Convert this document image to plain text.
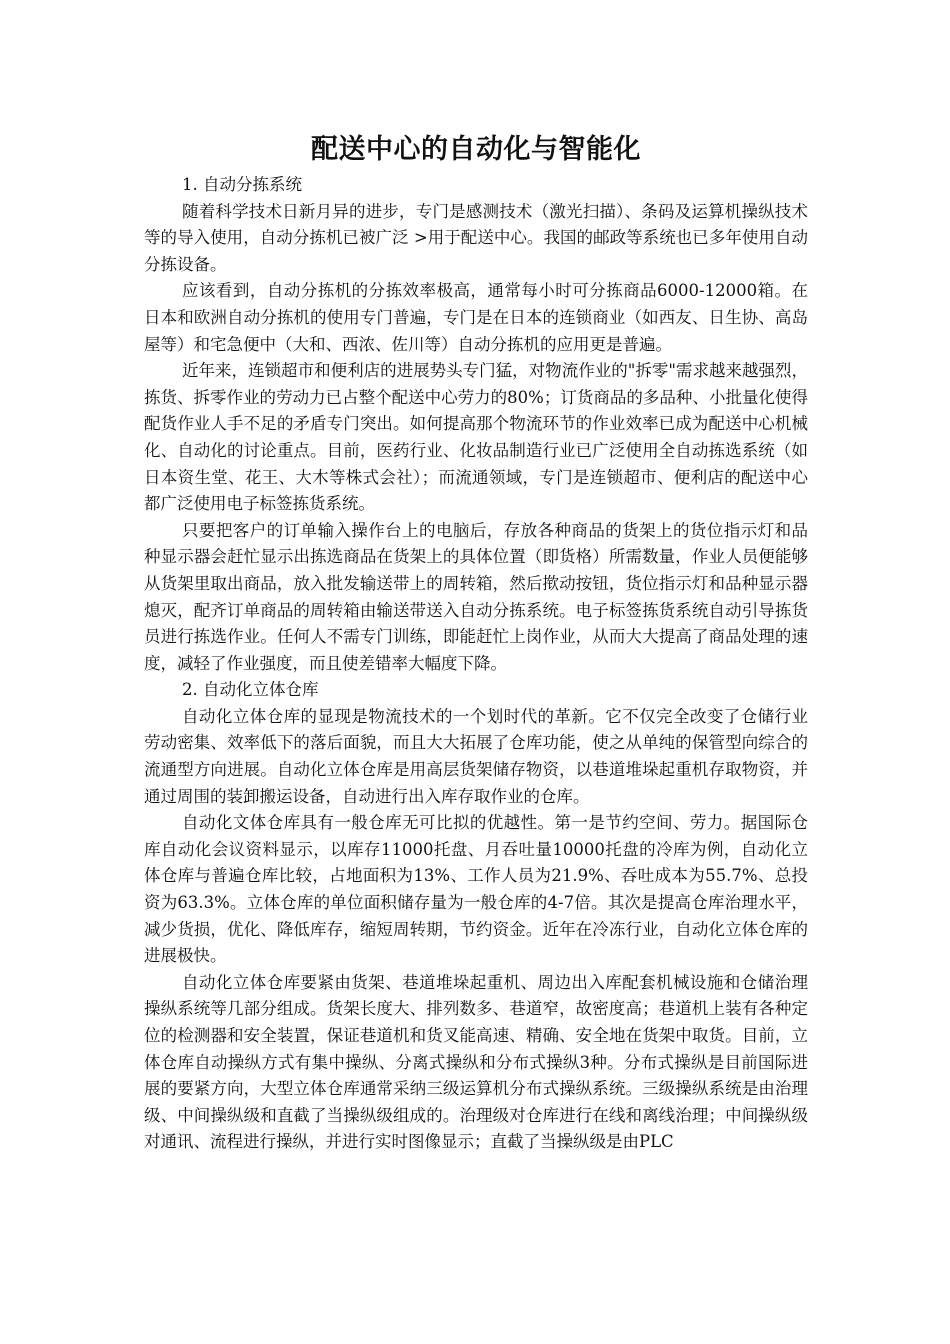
配送中心的自动化与智能化

1. 自动分拣系统

随着科学技术日新月异的进步，专门是感测技术（激光扫描）、条码及运算机操纵技术等的导入使用，自动分拣机已被广泛 >用于配送中心。我国的邮政等系统也已多年使用自动分拣设备。

应该看到，自动分拣机的分拣效率极高，通常每小时可分拣商品6000-12000箱。在日本和欧洲自动分拣机的使用专门普遍，专门是在日本的连锁商业（如西友、日生协、高岛屋等）和宅急便中（大和、西浓、佐川等）自动分拣机的应用更是普遍。

近年来，连锁超市和便利店的进展势头专门猛，对物流作业的"拆零"需求越来越强烈，拣货、拆零作业的劳动力已占整个配送中心劳力的80%；订货商品的多品种、小批量化使得配货作业人手不足的矛盾专门突出。如何提高那个物流环节的作业效率已成为配送中心机械化、自动化的讨论重点。目前，医药行业、化妆品制造行业已广泛使用全自动拣选系统（如日本资生堂、花王、大木等株式会社）；而流通领域，专门是连锁超市、便利店的配送中心都广泛使用电子标签拣货系统。

只要把客户的订单输入操作台上的电脑后，存放各种商品的货架上的货位指示灯和品种显示器会赶忙显示出拣选商品在货架上的具体位置（即货格）所需数量，作业人员便能够从货架里取出商品，放入批发输送带上的周转箱，然后揿动按钮，货位指示灯和品种显示器熄灭，配齐订单商品的周转箱由输送带送入自动分拣系统。电子标签拣货系统自动引导拣货员进行拣选作业。任何人不需专门训练，即能赶忙上岗作业，从而大大提高了商品处理的速度，减轻了作业强度，而且使差错率大幅度下降。

2. 自动化立体仓库

自动化立体仓库的显现是物流技术的一个划时代的革新。它不仅完全改变了仓储行业劳动密集、效率低下的落后面貌，而且大大拓展了仓库功能，使之从单纯的保管型向综合的流通型方向进展。自动化立体仓库是用高层货架储存物资，以巷道堆垛起重机存取物资，并通过周围的装卸搬运设备，自动进行出入库存取作业的仓库。

自动化文体仓库具有一般仓库无可比拟的优越性。第一是节约空间、劳力。据国际仓库自动化会议资料显示，以库存11000托盘、月吞吐量10000托盘的冷库为例，自动化立体仓库与普遍仓库比较，占地面积为13%、工作人员为21.9%、吞吐成本为55.7%、总投资为63.3%。立体仓库的单位面积储存量为一般仓库的4-7倍。其次是提高仓库治理水平，减少货损，优化、降低库存，缩短周转期，节约资金。近年在冷冻行业，自动化立体仓库的进展极快。

自动化立体仓库要紧由货架、巷道堆垛起重机、周边出入库配套机械设施和仓储治理操纵系统等几部分组成。货架长度大、排列数多、巷道窄，故密度高；巷道机上装有各种定位的检测器和安全装置，保证巷道机和货叉能高速、精确、安全地在货架中取货。目前，立体仓库自动操纵方式有集中操纵、分离式操纵和分布式操纵3种。分布式操纵是目前国际进展的要紧方向，大型立体仓库通常采纳三级运算机分布式操纵系统。三级操纵系统是由治理级、中间操纵级和直截了当操纵级组成的。治理级对仓库进行在线和离线治理；中间操纵级对通讯、流程进行操纵，并进行实时图像显示；直截了当操纵级是由PLC
